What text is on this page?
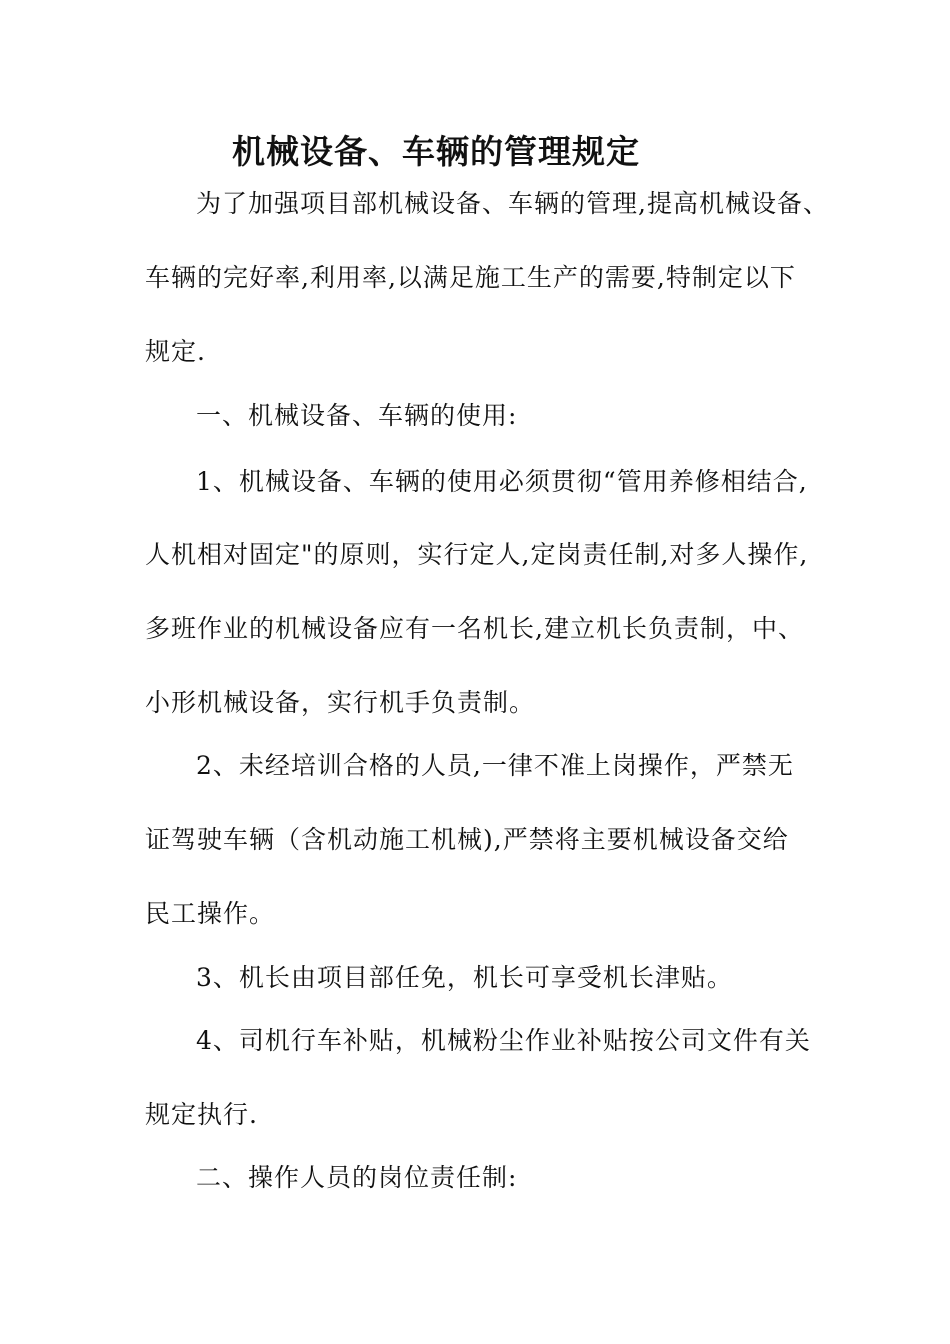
机械设备、车辆的管理规定

为了加强项目部机械设备、车辆的管理,提高机械设备、

车辆的完好率,利用率,以满足施工生产的需要,特制定以下

规定.

一、机械设备、车辆的使用:

1、机械设备、车辆的使用必须贯彻“管用养修相结合,

人机相对固定"的原则，实行定人,定岗责任制,对多人操作,

多班作业的机械设备应有一名机长,建立机长负责制，中、

小形机械设备，实行机手负责制。

2、未经培训合格的人员,一律不准上岗操作，严禁无

证驾驶车辆（含机动施工机械),严禁将主要机械设备交给

民工操作。

3、机长由项目部任免，机长可享受机长津贴。

4、司机行车补贴，机械粉尘作业补贴按公司文件有关

规定执行.

二、操作人员的岗位责任制:
